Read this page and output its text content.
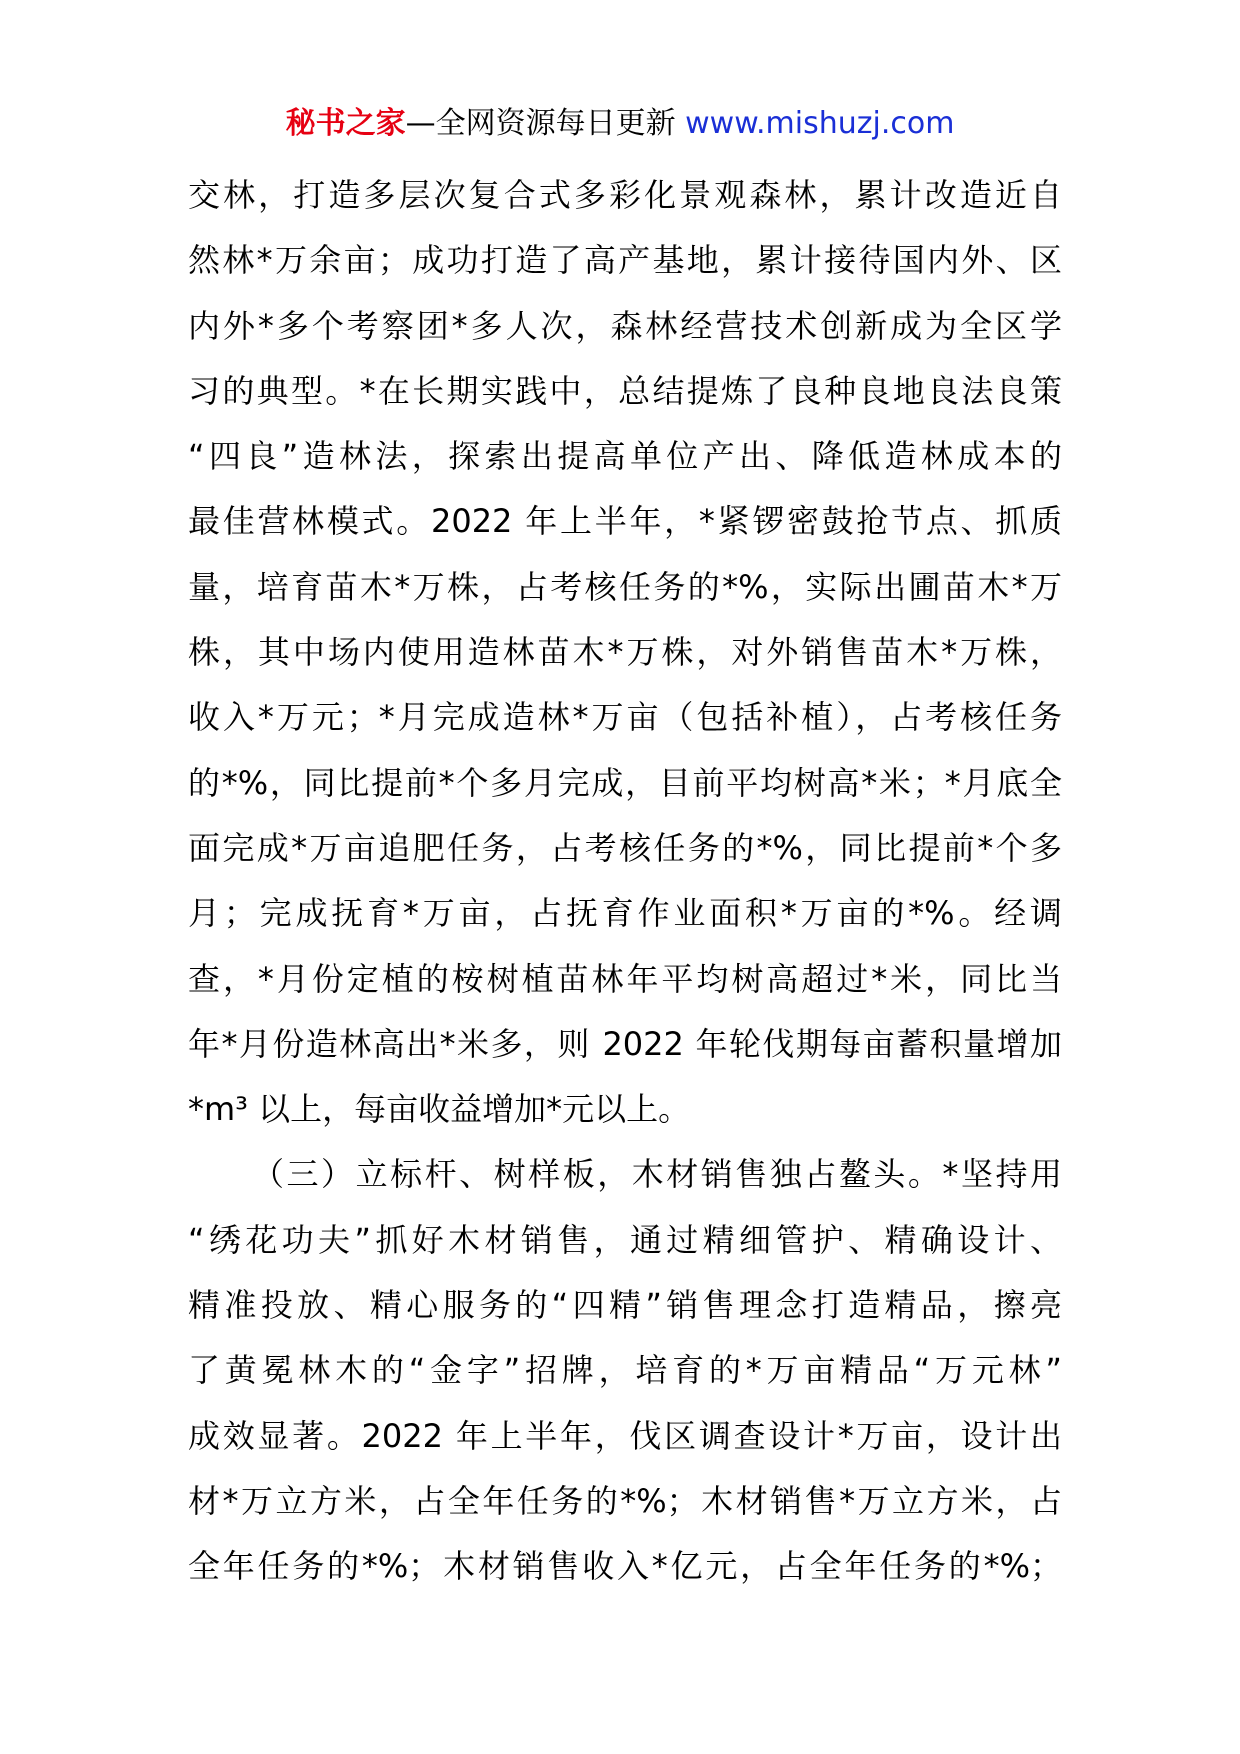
秘书之家—全网资源每日更新 www.mishuzj.com
交林，打造多层次复合式多彩化景观森林，累计改造近自
然林*万余亩；成功打造了高产基地，累计接待国内外、区
内外*多个考察团*多人次，森林经营技术创新成为全区学
习的典型。*在长期实践中，总结提炼了良种良地良法良策
“四良”造林法，探索出提高单位产出、降低造林成本的
最佳营林模式。2022 年上半年，*紧锣密鼓抢节点、抓质
量，培育苗木*万株，占考核任务的*%，实际出圃苗木*万
株，其中场内使用造林苗木*万株，对外销售苗木*万株，
收入*万元；*月完成造林*万亩（包括补植），占考核任务
的*%，同比提前*个多月完成，目前平均树高*米；*月底全
面完成*万亩追肥任务，占考核任务的*%，同比提前*个多
月；完成抚育*万亩，占抚育作业面积*万亩的*%。经调
查，*月份定植的桉树植苗林年平均树高超过*米，同比当
年*月份造林高出*米多，则 2022 年轮伐期每亩蓄积量增加
*m³ 以上，每亩收益增加*元以上。
（三）立标杆、树样板，木材销售独占鳌头。*坚持用
“绣花功夫”抓好木材销售，通过精细管护、精确设计、
精准投放、精心服务的“四精”销售理念打造精品，擦亮
了黄冕林木的“金字”招牌，培育的*万亩精品“万元林”
成效显著。2022 年上半年，伐区调查设计*万亩，设计出
材*万立方米，占全年任务的*%；木材销售*万立方米，占
全年任务的*%；木材销售收入*亿元，占全年任务的*%；
